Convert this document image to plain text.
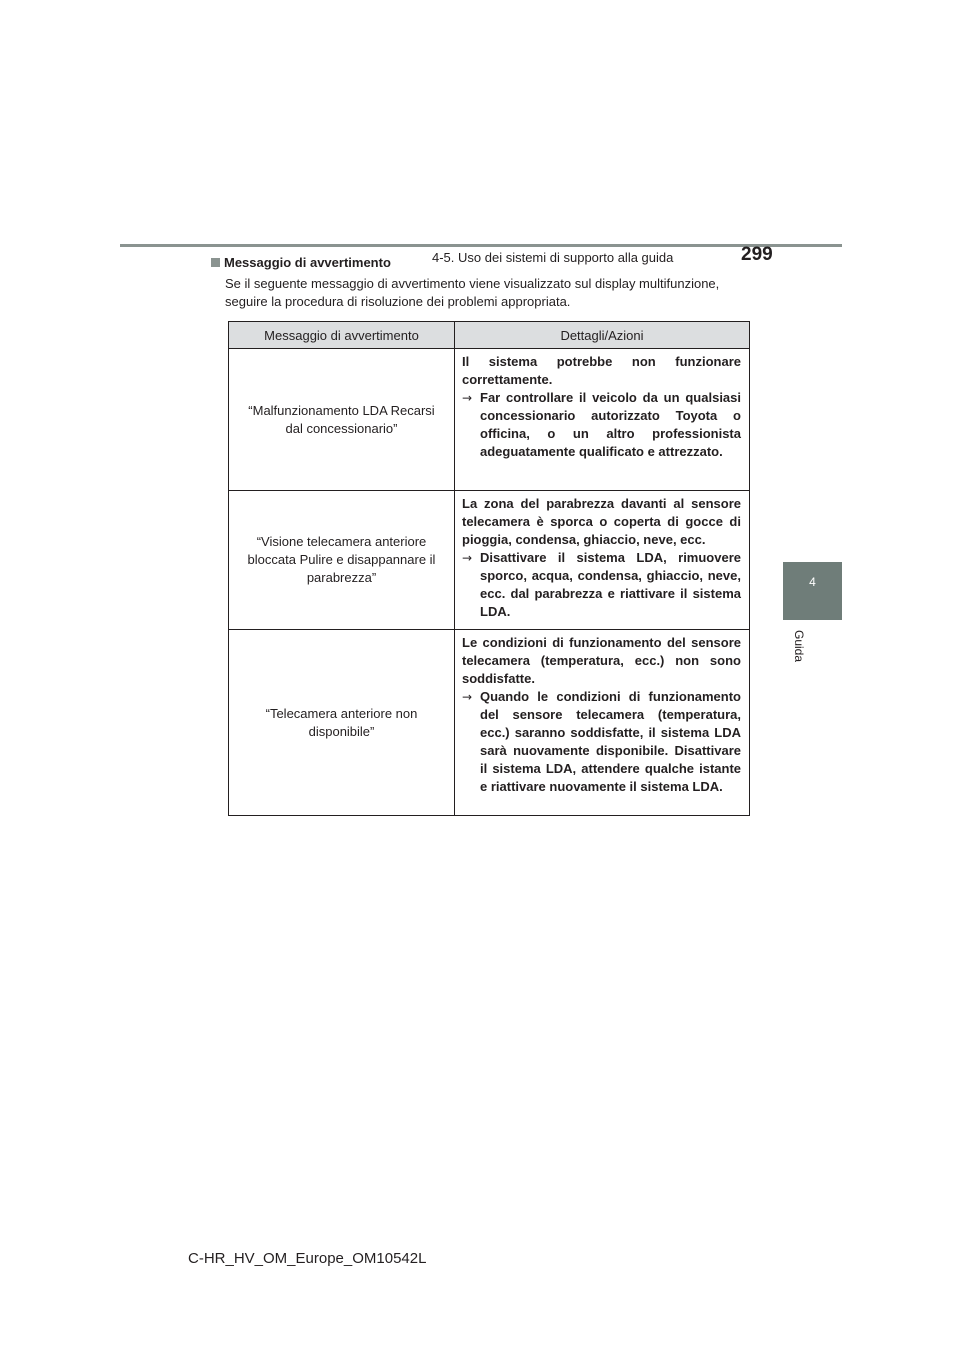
4-5. Uso dei sistemi di supporto alla guida	299
4
Guida
Messaggio di avvertimento
Se il seguente messaggio di avvertimento viene visualizzato sul display multifunzione, seguire la procedura di risoluzione dei problemi appropriata.
Messaggio di avvertimento	Dettagli/Azioni
“Malfunzionamento LDA Recarsi dal concessionario”	Il sistema potrebbe non funzionare correttamente.
→ Far controllare il veicolo da un qualsiasi concessionario autorizzato Toyota o officina, o un altro professionista adeguatamente qualificato e attrezzato.

“Visione telecamera anteriore bloccata Pulire e disappannare il parabrezza”	La zona del parabrezza davanti al sensore telecamera è sporca o coperta di gocce di pioggia, condensa, ghiaccio, neve, ecc.
→ Disattivare il sistema LDA, rimuovere sporco, acqua, condensa, ghiaccio, neve, ecc. dal parabrezza e riattivare il sistema LDA.

“Telecamera anteriore non disponibile”	Le condizioni di funzionamento del sensore telecamera (temperatura, ecc.) non sono soddisfatte.
→ Quando le condizioni di funzionamento del sensore telecamera (temperatura, ecc.) saranno soddisfatte, il sistema LDA sarà nuovamente disponibile. Disattivare il sistema LDA, attendere qualche istante e riattivare nuovamente il sistema LDA.
C-HR_HV_OM_Europe_OM10542L
